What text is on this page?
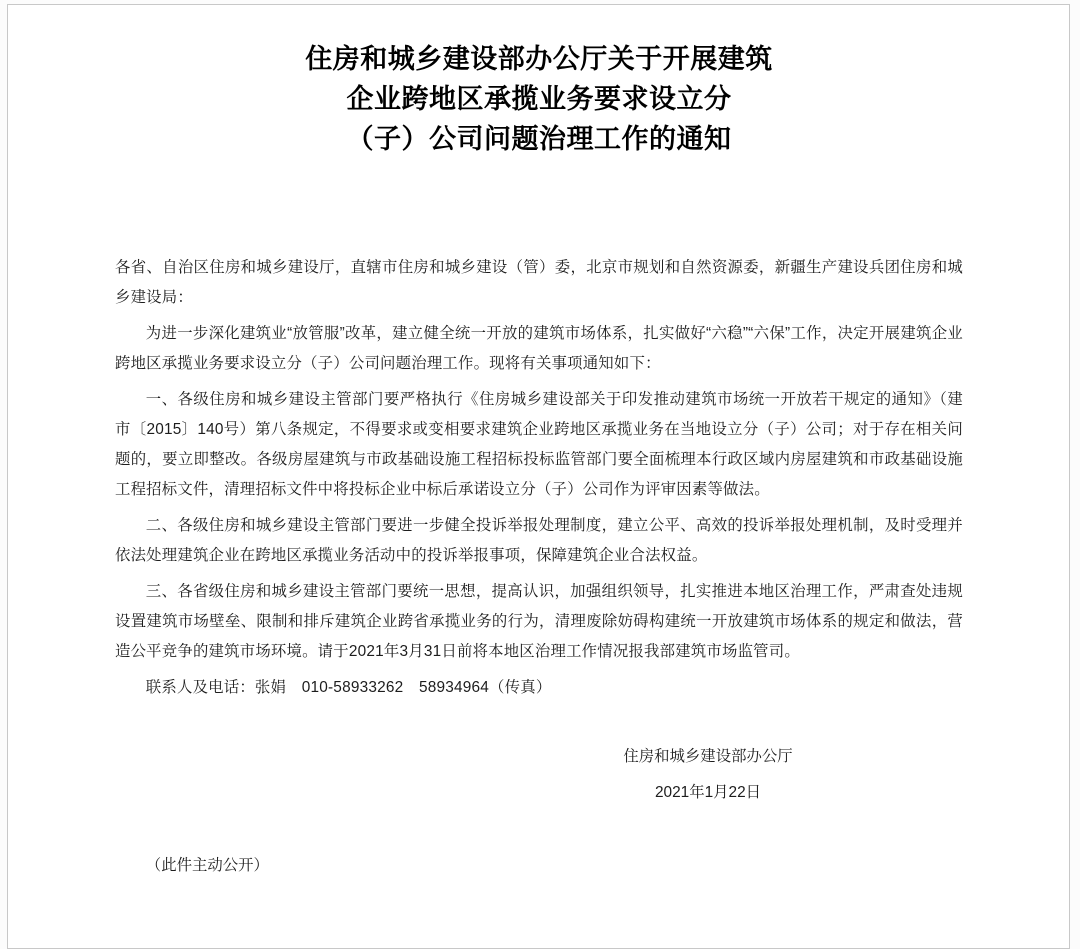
住房和城乡建设部办公厅关于开展建筑
企业跨地区承揽业务要求设立分
（子）公司问题治理工作的通知

各省、自治区住房和城乡建设厅，直辖市住房和城乡建设（管）委，北京市规划和自然资源委，新疆生产建设兵团住房和城乡建设局：

为进一步深化建筑业“放管服”改革，建立健全统一开放的建筑市场体系，扎实做好“六稳”“六保”工作，决定开展建筑企业跨地区承揽业务要求设立分（子）公司问题治理工作。现将有关事项通知如下：

一、各级住房和城乡建设主管部门要严格执行《住房城乡建设部关于印发推动建筑市场统一开放若干规定的通知》（建市〔2015〕140号）第八条规定，不得要求或变相要求建筑企业跨地区承揽业务在当地设立分（子）公司；对于存在相关问题的，要立即整改。各级房屋建筑与市政基础设施工程招标投标监管部门要全面梳理本行政区域内房屋建筑和市政基础设施工程招标文件，清理招标文件中将投标企业中标后承诺设立分（子）公司作为评审因素等做法。

二、各级住房和城乡建设主管部门要进一步健全投诉举报处理制度，建立公平、高效的投诉举报处理机制，及时受理并依法处理建筑企业在跨地区承揽业务活动中的投诉举报事项，保障建筑企业合法权益。

三、各省级住房和城乡建设主管部门要统一思想，提高认识，加强组织领导，扎实推进本地区治理工作，严肃查处违规设置建筑市场壁垒、限制和排斥建筑企业跨省承揽业务的行为，清理废除妨碍构建统一开放建筑市场体系的规定和做法，营造公平竞争的建筑市场环境。请于2021年3月31日前将本地区治理工作情况报我部建筑市场监管司。

联系人及电话：张娟　010-58933262　58934964（传真）

住房和城乡建设部办公厅

2021年1月22日

（此件主动公开）
